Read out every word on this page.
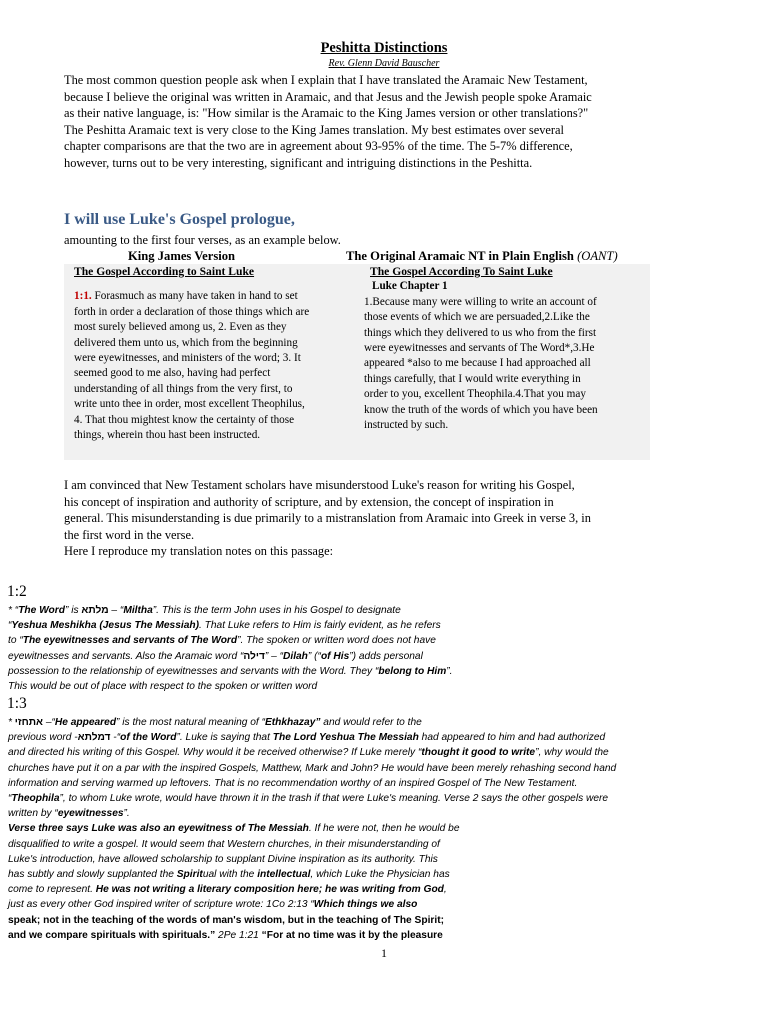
Peshitta Distinctions
Rev. Glenn David Bauscher

The most common question people ask when I explain that I have translated the Aramaic New Testament,

because I believe the original was written in Aramaic, and that Jesus and the Jewish people spoke Aramaic

as their native language, is: "How similar is the Aramaic to the King James version or other translations?"

The Peshitta Aramaic text is very close to the King James translation. My best estimates over several

chapter comparisons are that the two are in agreement about 93-95% of the time. The 5-7% difference,

however, turns out to be very interesting, significant and intriguing distinctions in the Peshitta.

I will use Luke's Gospel prologue,
amounting to the first four verses, as an example below.
King James Version	The Original Aramaic NT in Plain English (OANT)
The Gospel According to Saint Luke
1:1. Forasmuch as many have taken in hand to set
forth in order a declaration of those things which are
most surely believed among us, 2. Even as they
delivered them unto us, which from the beginning
were eyewitnesses, and ministers of the word; 3. It
seemed good to me also, having had perfect
understanding of all things from the very first, to
write unto thee in order, most excellent Theophilus,
4. That thou mightest know the certainty of those
things, wherein thou hast been instructed.
The Gospel According To Saint Luke
Luke Chapter 1
1.Because many were willing to write an account of
those events of which we are persuaded,2.Like the
things which they delivered to us who from the first
were eyewitnesses and servants of The Word*,3.He
appeared *also to me because I had approached all
things carefully, that I would write everything in
order to you, excellent Theophila.4.That you may
know the truth of the words of which you have been
instructed by such.

I am convinced that New Testament scholars have misunderstood Luke's reason for writing his Gospel,

his concept of inspiration and authority of scripture, and by extension, the concept of inspiration in

general. This misunderstanding is due primarily to a mistranslation from Aramaic into Greek in verse 3, in

the first word in the verse.

Here I reproduce my translation notes on this passage:

1:2
* “The Word” is מלתא – “Miltha”. This is the term John uses in his Gospel to designate
“Yeshua Meshikha (Jesus The Messiah). That Luke refers to Him is fairly evident, as he refers
to “The eyewitnesses and servants of The Word”. The spoken or written word does not have
eyewitnesses and servants. Also the Aramaic word “דילה” – “Dilah” (“of His”) adds personal
possession to the relationship of eyewitnesses and servants with the Word. They “belong to Him”.
This would be out of place with respect to the spoken or written word
1:3
* אתחזי –“He appeared” is the most natural meaning of “Ethkhazay” and would refer to the
previous word -דמלתא -“of the Word”. Luke is saying that The Lord Yeshua The Messiah had appeared to him and had authorized
and directed his writing of this Gospel. Why would it be received otherwise? If Luke merely “thought it good to write”, why would the
churches have put it on a par with the inspired Gospels, Matthew, Mark and John? He would have been merely rehashing second hand
information and serving warmed up leftovers. That is no recommendation worthy of an inspired Gospel of The New Testament.
“Theophila”, to whom Luke wrote, would have thrown it in the trash if that were Luke's meaning. Verse 2 says the other gospels were
written by “eyewitnesses”.
Verse three says Luke was also an eyewitness of The Messiah. If he were not, then he would be
disqualified to write a gospel. It would seem that Western churches, in their misunderstanding of
Luke's introduction, have allowed scholarship to supplant Divine inspiration as its authority. This
has subtly and slowly supplanted the Spiritual with the intellectual, which Luke the Physician has
come to represent. He was not writing a literary composition here; he was writing from God,
just as every other God inspired writer of scripture wrote: 1Co 2:13 “Which things we also
speak; not in the teaching of the words of man's wisdom, but in the teaching of The Spirit;
and we compare spirituals with spirituals.” 2Pe 1:21 “For at no time was it by the pleasure
1
